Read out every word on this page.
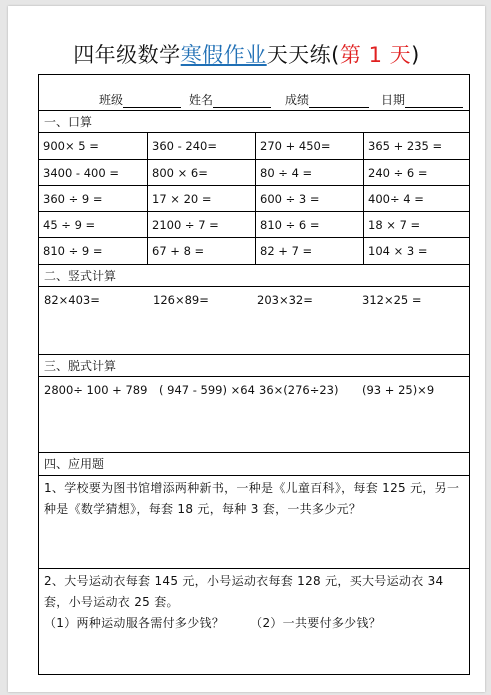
四年级数学寒假作业天天练(第 1 天)
班级	姓名	成绩	日期
一、口算
900× 5 =	360 - 240=	270 + 450=	365 + 235 =
3400 - 400 =	800 × 6=	80 ÷ 4 =	240 ÷ 6 =
360 ÷ 9 =	17 × 20 =	600 ÷ 3 =	400÷ 4 =
45 ÷ 9 =	2100 ÷ 7 =	810 ÷ 6 =	18 × 7 =
810 ÷ 9 =	67 + 8 =	82 + 7 =	104 × 3 =
二、竖式计算
82×403=	126×89=	203×32=	312×25 =
三、脱式计算
2800÷ 100 + 789 ( 947 - 599) ×64 36×(276÷23) (93 + 25)×9
四、应用题
1、学校要为图书馆增添两种新书，一种是《儿童百科》，每套 125 元，另一种是《数学猜想》，每套 18 元，每种 3 套，一共多少元？
2、大号运动衣每套 145 元，小号运动衣每套 128 元，买大号运动衣 34 套，小号运动衣 25 套。
（1）两种运动服各需付多少钱？ （2）一共要付多少钱？
